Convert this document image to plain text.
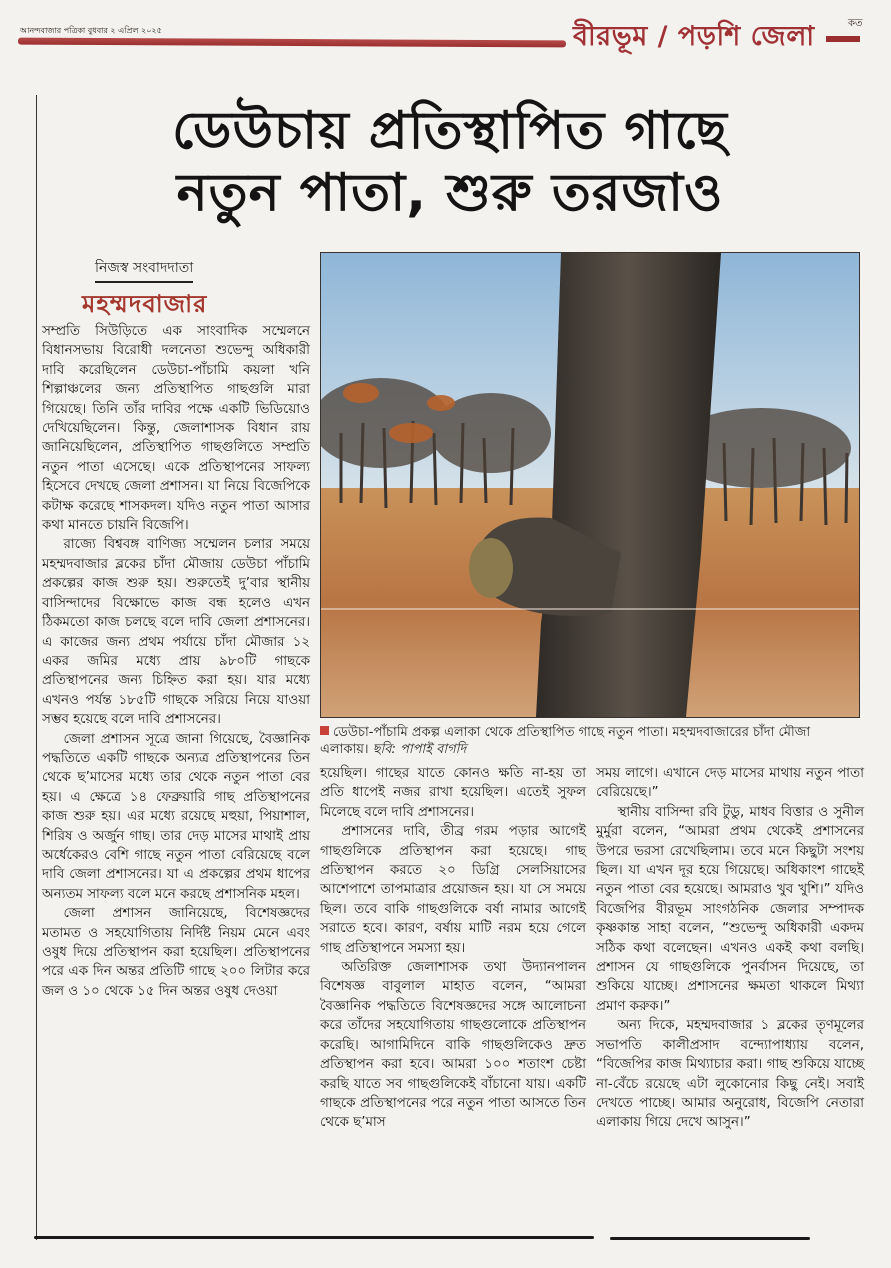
আনন্দবাজার পত্রিকা বুধবার ২ এপ্রিল ২০২৫	বীরভূম / পড়শি জেলা	কত
ডেউচায় প্রতিস্থাপিত গাছে
নতুন পাতা, শুরু তরজাও
নিজস্ব সংবাদদাতা
মহম্মদবাজার
ডেউচা-পাঁচামি প্রকল্প এলাকা থেকে প্রতিস্থাপিত গাছে নতুন পাতা। মহম্মদবাজারের চাঁদা মৌজা এলাকায়। ছবি: পাপাই বাগদি

সম্প্রতি সিউড়িতে এক সাংবাদিক সম্মেলনে বিধানসভায় বিরোধী দলনেতা শুভেন্দু অধিকারী দাবি করেছিলেন ডেউচা-পাঁচামি কয়লা খনি শিল্পাঞ্চলের জন্য প্রতিস্থাপিত গাছগুলি মারা গিয়েছে। তিনি তাঁর দাবির পক্ষে একটি ভিডিয়োও দেখিয়েছিলেন। কিন্তু, জেলাশাসক বিধান রায় জানিয়েছিলেন, প্রতিস্থাপিত গাছগুলিতে সম্প্রতি নতুন পাতা এসেছে। একে প্রতিস্থাপনের সাফল্য হিসেবে দেখছে জেলা প্রশাসন। যা নিয়ে বিজেপিকে কটাক্ষ করেছে শাসকদল। যদিও নতুন পাতা আসার কথা মানতে চায়নি বিজেপি।

রাজ্যে বিশ্ববঙ্গ বাণিজ্য সম্মেলন চলার সময়ে মহম্মদবাজার ব্লকের চাঁদা মৌজায় ডেউচা পাঁচামি প্রকল্পের কাজ শুরু হয়। শুরুতেই দু’বার স্থানীয় বাসিন্দাদের বিক্ষোভে কাজ বন্ধ হলেও এখন ঠিকমতো কাজ চলছে বলে দাবি জেলা প্রশাসনের। এ কাজের জন্য প্রথম পর্যায়ে চাঁদা মৌজার ১২ একর জমির মধ্যে প্রায় ৯৮০টি গাছকে প্রতিস্থাপনের জন্য চিহ্নিত করা হয়। যার মধ্যে এখনও পর্যন্ত ১৮৫টি গাছকে সরিয়ে নিয়ে যাওয়া সম্ভব হয়েছে বলে দাবি প্রশাসনের।

জেলা প্রশাসন সূত্রে জানা গিয়েছে, বৈজ্ঞানিক পদ্ধতিতে একটি গাছকে অন্যত্র প্রতিস্থাপনের তিন থেকে ছ’মাসের মধ্যে তার থেকে নতুন পাতা বের হয়। এ ক্ষেত্রে ১৪ ফেব্রুয়ারি গাছ প্রতিস্থাপনের কাজ শুরু হয়। এর মধ্যে রয়েছে মহুয়া, পিয়াশাল, শিরিষ ও অর্জুন গাছ। তার দেড় মাসের মাথাই প্রায় অর্ধেকেরও বেশি গাছে নতুন পাতা বেরিয়েছে বলে দাবি জেলা প্রশাসনের। যা এ প্রকল্পের প্রথম ধাপের অন্যতম সাফল্য বলে মনে করছে প্রশাসনিক মহল।

জেলা প্রশাসন জানিয়েছে, বিশেষজ্ঞদের মতামত ও সহযোগিতায় নির্দিষ্ট নিয়ম মেনে এবং ওষুধ দিয়ে প্রতিস্থাপন করা হয়েছিল। প্রতিস্থাপনের পরে এক দিন অন্তর প্রতিটি গাছে ২০০ লিটার করে জল ও ১০ থেকে ১৫ দিন অন্তর ওষুধ দেওয়া

হয়েছিল। গাছের যাতে কোনও ক্ষতি না-হয় তা প্রতি ধাপেই নজর রাখা হয়েছিল। এতেই সুফল মিলেছে বলে দাবি প্রশাসনের।

প্রশাসনের দাবি, তীব্র গরম পড়ার আগেই গাছগুলিকে প্রতিস্থাপন করা হয়েছে। গাছ প্রতিস্থাপন করতে ২০ ডিগ্রি সেলসিয়াসের আশেপাশে তাপমাত্রার প্রয়োজন হয়। যা সে সময়ে ছিল। তবে বাকি গাছগুলিকে বর্ষা নামার আগেই সরাতে হবে। কারণ, বর্ষায় মাটি নরম হয়ে গেলে গাছ প্রতিস্থাপনে সমস্যা হয়।

অতিরিক্ত জেলাশাসক তথা উদ্যানপালন বিশেষজ্ঞ বাবুলাল মাহাত বলেন, “আমরা বৈজ্ঞানিক পদ্ধতিতে বিশেষজ্ঞদের সঙ্গে আলোচনা করে তাঁদের সহযোগিতায় গাছগুলোকে প্রতিস্থাপন করেছি। আগামিদিনে বাকি গাছগুলিকেও দ্রুত প্রতিস্থাপন করা হবে। আমরা ১০০ শতাংশ চেষ্টা করছি যাতে সব গাছগুলিকেই বাঁচানো যায়। একটি গাছকে প্রতিস্থাপনের পরে নতুন পাতা আসতে তিন থেকে ছ’মাস

সময় লাগে। এখানে দেড় মাসের মাথায় নতুন পাতা বেরিয়েছে।”

স্থানীয় বাসিন্দা রবি টুডু, মাধব বিত্তার ও সুনীল মুর্মুরা বলেন, “আমরা প্রথম থেকেই প্রশাসনের উপরে ভরসা রেখেছিলাম। তবে মনে কিছুটা সংশয় ছিল। যা এখন দূর হয়ে গিয়েছে। অধিকাংশ গাছেই নতুন পাতা বের হয়েছে। আমরাও খুব খুশি।” যদিও বিজেপির বীরভূম সাংগঠনিক জেলার সম্পাদক কৃষ্ণকান্ত সাহা বলেন, “শুভেন্দু অধিকারী একদম সঠিক কথা বলেছেন। এখনও একই কথা বলছি। প্রশাসন যে গাছগুলিকে পুনর্বাসন দিয়েছে, তা শুকিয়ে যাচ্ছে। প্রশাসনের ক্ষমতা থাকলে মিথ্যা প্রমাণ করুক।”

অন্য দিকে, মহম্মদবাজার ১ ব্লকের তৃণমূলের সভাপতি কালীপ্রসাদ বন্দ্যোপাধ্যায় বলেন, “বিজেপির কাজ মিথ্যাচার করা। গাছ শুকিয়ে যাচ্ছে না-বেঁচে রয়েছে এটা লুকোনোর কিছু নেই। সবাই দেখতে পাচ্ছে। আমার অনুরোধ, বিজেপি নেতারা এলাকায় গিয়ে দেখে আসুন।”
